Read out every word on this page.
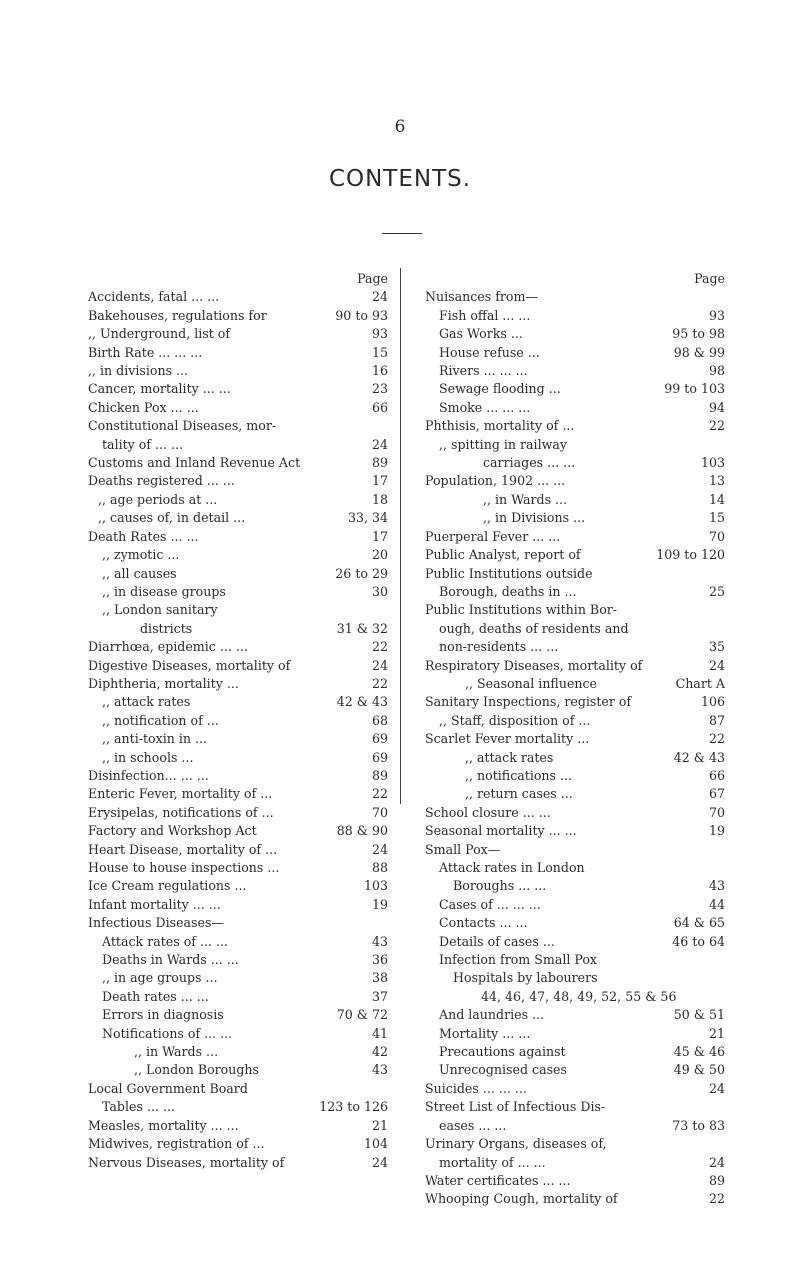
6
CONTENTS.
Page
Accidents, fatal ... ...	24
Bakehouses, regulations for	90 to 93
,, Underground, list of	93
Birth Rate ... ... ...	15
,, in divisions ...	16
Cancer, mortality ... ...	23
Chicken Pox ... ...	66
Constitutional Diseases, mor-
tality of ... ...	24
Customs and Inland Revenue Act	89
Deaths registered ... ...	17
,, age periods at ...	18
,, causes of, in detail ...	33, 34
Death Rates ... ...	17
,, zymotic ...	20
,, all causes	26 to 29
,, in disease groups	30
,, London sanitary
districts	31 & 32
Diarrhœa, epidemic ... ...	22
Digestive Diseases, mortality of	24
Diphtheria, mortality ...	22
,, attack rates	42 & 43
,, notification of ...	68
,, anti-toxin in ...	69
,, in schools ...	69
Disinfection... ... ...	89
Enteric Fever, mortality of ...	22
Erysipelas, notifications of ...	70
Factory and Workshop Act	88 & 90
Heart Disease, mortality of ...	24
House to house inspections ...	88
Ice Cream regulations ...	103
Infant mortality ... ...	19
Infectious Diseases—
Attack rates of ... ...	43
Deaths in Wards ... ...	36
,, in age groups ...	38
Death rates ... ...	37
Errors in diagnosis	70 & 72
Notifications of ... ...	41
,, in Wards ...	42
,, London Boroughs	43
Local Government Board
Tables ... ...	123 to 126
Measles, mortality ... ...	21
Midwives, registration of ...	104
Nervous Diseases, mortality of	24
Page
Nuisances from—
Fish offal ... ...	93
Gas Works ...	95 to 98
House refuse ...	98 & 99
Rivers ... ... ...	98
Sewage flooding ...	99 to 103
Smoke ... ... ...	94
Phthisis, mortality of ...	22
,, spitting in railway
carriages ... ...	103
Population, 1902 ... ...	13
,, in Wards ...	14
,, in Divisions ...	15
Puerperal Fever ... ...	70
Public Analyst, report of	109 to 120
Public Institutions outside
Borough, deaths in ...	25
Public Institutions within Bor-
ough, deaths of residents and
non-residents ... ...	35
Respiratory Diseases, mortality of	24
,, Seasonal influence	Chart A
Sanitary Inspections, register of	106
,, Staff, disposition of ...	87
Scarlet Fever mortality ...	22
,, attack rates	42 & 43
,, notifications ...	66
,, return cases ...	67
School closure ... ...	70
Seasonal mortality ... ...	19
Small Pox—
Attack rates in London
Boroughs ... ...	43
Cases of ... ... ...	44
Contacts ... ...	64 & 65
Details of cases ...	46 to 64
Infection from Small Pox
Hospitals by labourers
44, 46, 47, 48, 49, 52, 55 & 56
And laundries ...	50 & 51
Mortality ... ...	21
Precautions against	45 & 46
Unrecognised cases	49 & 50
Suicides ... ... ...	24
Street List of Infectious Dis-
eases ... ...	73 to 83
Urinary Organs, diseases of,
mortality of ... ...	24
Water certificates ... ...	89
Whooping Cough, mortality of	22
